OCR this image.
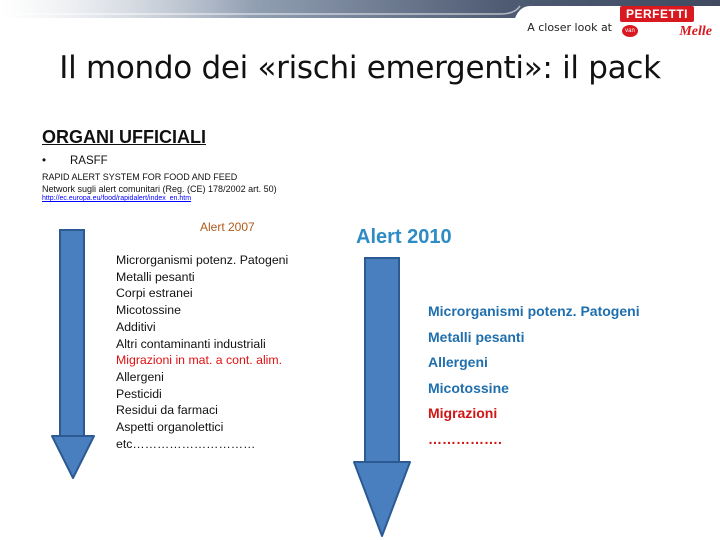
A closer look at
PERFETTI
van	Melle
Il mondo dei «rischi emergenti»: il pack
ORGANI UFFICIALI
• RASFF
RAPID ALERT SYSTEM FOR FOOD AND FEED
Network sugli alert comunitari (Reg. (CE) 178/2002 art. 50)
http://ec.europa.eu/food/rapidalert/index_en.htm
Alert 2007
Microrganismi potenz. Patogeni
Metalli pesanti
Corpi estranei
Micotossine
Additivi
Altri contaminanti industriali
Migrazioni in mat. a cont. alim.
Allergeni
Pesticidi
Residui da farmaci
Aspetti organolettici
etc…………………………
Alert 2010
Microrganismi potenz. Patogeni
Metalli pesanti
Allergeni
Micotossine
Migrazioni
…………….
